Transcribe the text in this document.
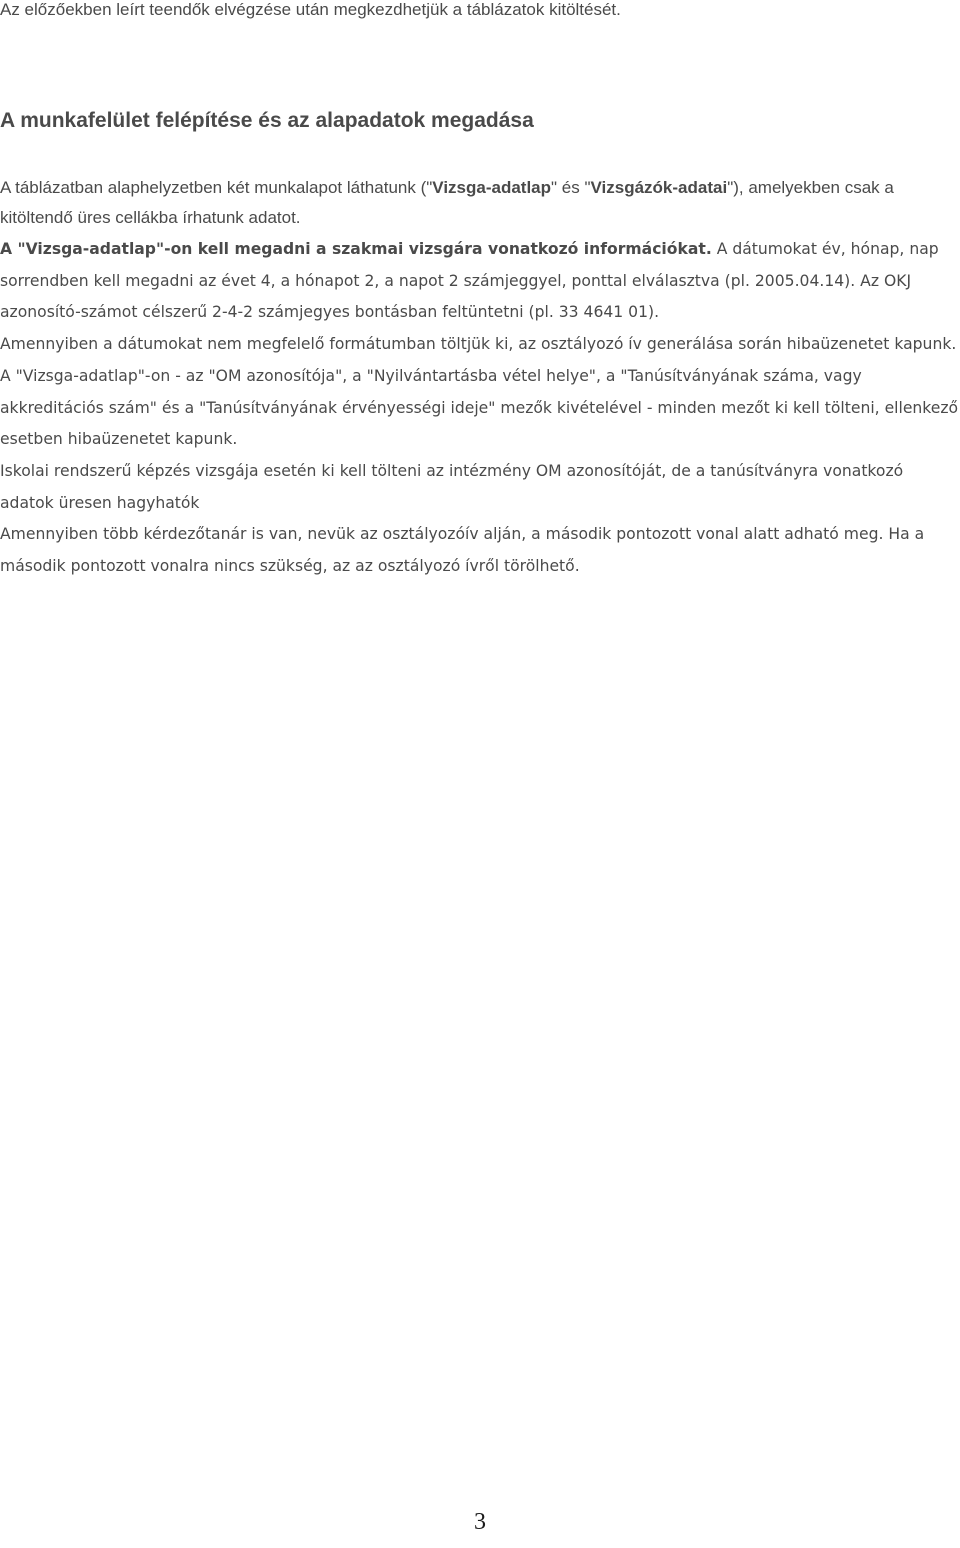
Az előzőekben leírt teendők elvégzése után megkezdhetjük a táblázatok kitöltését.

A munkafelület felépítése és az alapadatok megadása

A táblázatban alaphelyzetben két munkalapot láthatunk ("Vizsga-adatlap" és "Vizsgázók-adatai"), amelyekben csak a kitöltendő üres cellákba írhatunk adatot.

A "Vizsga-adatlap"-on kell megadni a szakmai vizsgára vonatkozó információkat. A dátumokat év, hónap, nap sorrendben kell megadni az évet 4, a hónapot 2, a napot 2 számjeggyel, ponttal elválasztva (pl. 2005.04.14). Az OKJ azonosító-számot célszerű 2-4-2 számjegyes bontásban feltüntetni (pl. 33 4641 01).

Amennyiben a dátumokat nem megfelelő formátumban töltjük ki, az osztályozó ív generálása során hibaüzenetet kapunk.

A "Vizsga-adatlap"-on - az "OM azonosítója", a "Nyilvántartásba vétel helye", a "Tanúsítványának száma, vagy akkreditációs szám" és a "Tanúsítványának érvényességi ideje" mezők kivételével - minden mezőt ki kell tölteni, ellenkező esetben hibaüzenetet kapunk.

Iskolai rendszerű képzés vizsgája esetén ki kell tölteni az intézmény OM azonosítóját, de a tanúsítványra vonatkozó adatok üresen hagyhatók

Amennyiben több kérdezőtanár is van, nevük az osztályozóív alján, a második pontozott vonal alatt adható meg. Ha a második pontozott vonalra nincs szükség, az az osztályozó ívről törölhető.

3
